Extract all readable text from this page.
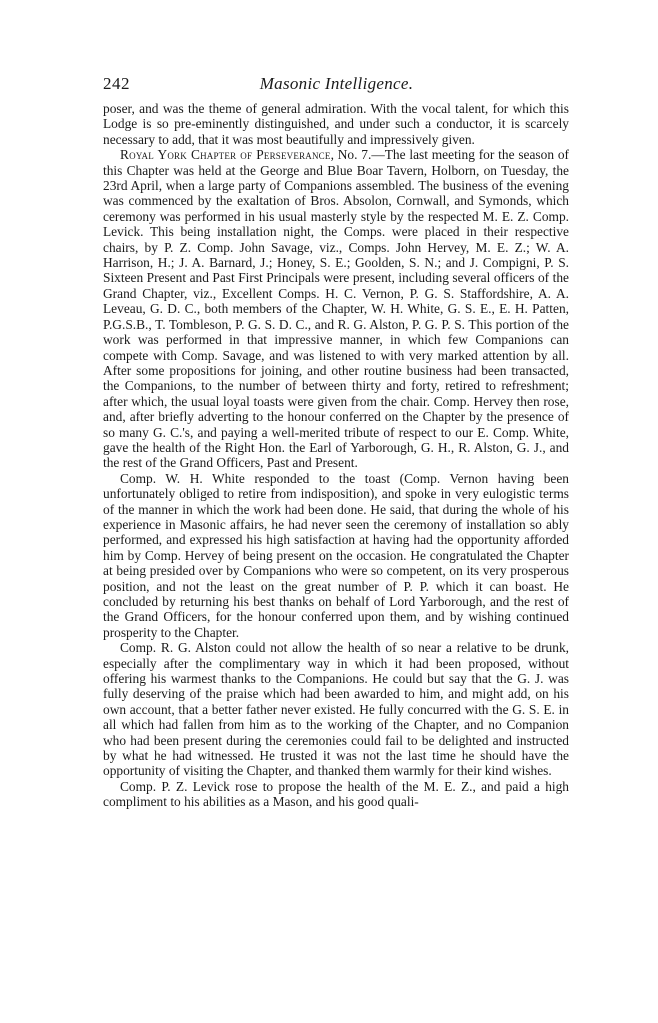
242	Masonic Intelligence.

poser, and was the theme of general admiration. With the vocal talent, for which this Lodge is so pre-eminently distinguished, and under such a conductor, it is scarcely necessary to add, that it was most beautifully and impressively given.

Royal York Chapter of Perseverance, No. 7.—The last meeting for the season of this Chapter was held at the George and Blue Boar Tavern, Holborn, on Tuesday, the 23rd April, when a large party of Companions assembled. The business of the evening was commenced by the exaltation of Bros. Absolon, Cornwall, and Symonds, which ceremony was performed in his usual masterly style by the respected M. E. Z. Comp. Levick. This being installation night, the Comps. were placed in their respective chairs, by P. Z. Comp. John Savage, viz., Comps. John Hervey, M. E. Z.; W. A. Harrison, H.; J. A. Barnard, J.; Honey, S. E.; Goolden, S. N.; and J. Compigni, P. S. Sixteen Present and Past First Principals were present, including several officers of the Grand Chapter, viz., Excellent Comps. H. C. Vernon, P. G. S. Staffordshire, A. A. Leveau, G. D. C., both members of the Chapter, W. H. White, G. S. E., E. H. Patten, P.G.S.B., T. Tombleson, P. G. S. D. C., and R. G. Alston, P. G. P. S. This portion of the work was performed in that impressive manner, in which few Companions can compete with Comp. Savage, and was listened to with very marked attention by all. After some propositions for joining, and other routine business had been transacted, the Companions, to the number of between thirty and forty, retired to refreshment; after which, the usual loyal toasts were given from the chair. Comp. Hervey then rose, and, after briefly adverting to the honour conferred on the Chapter by the presence of so many G. C.'s, and paying a well-merited tribute of respect to our E. Comp. White, gave the health of the Right Hon. the Earl of Yarborough, G. H., R. Alston, G. J., and the rest of the Grand Officers, Past and Present.

Comp. W. H. White responded to the toast (Comp. Vernon having been unfortunately obliged to retire from indisposition), and spoke in very eulogistic terms of the manner in which the work had been done. He said, that during the whole of his experience in Masonic affairs, he had never seen the ceremony of installation so ably performed, and expressed his high satisfaction at having had the opportunity afforded him by Comp. Hervey of being present on the occasion. He congratulated the Chapter at being presided over by Companions who were so competent, on its very prosperous position, and not the least on the great number of P. P. which it can boast. He concluded by returning his best thanks on behalf of Lord Yarborough, and the rest of the Grand Officers, for the honour conferred upon them, and by wishing continued prosperity to the Chapter.

Comp. R. G. Alston could not allow the health of so near a relative to be drunk, especially after the complimentary way in which it had been proposed, without offering his warmest thanks to the Companions. He could but say that the G. J. was fully deserving of the praise which had been awarded to him, and might add, on his own account, that a better father never existed. He fully concurred with the G. S. E. in all which had fallen from him as to the working of the Chapter, and no Companion who had been present during the ceremonies could fail to be delighted and instructed by what he had witnessed. He trusted it was not the last time he should have the opportunity of visiting the Chapter, and thanked them warmly for their kind wishes.

Comp. P. Z. Levick rose to propose the health of the M. E. Z., and paid a high compliment to his abilities as a Mason, and his good quali-
